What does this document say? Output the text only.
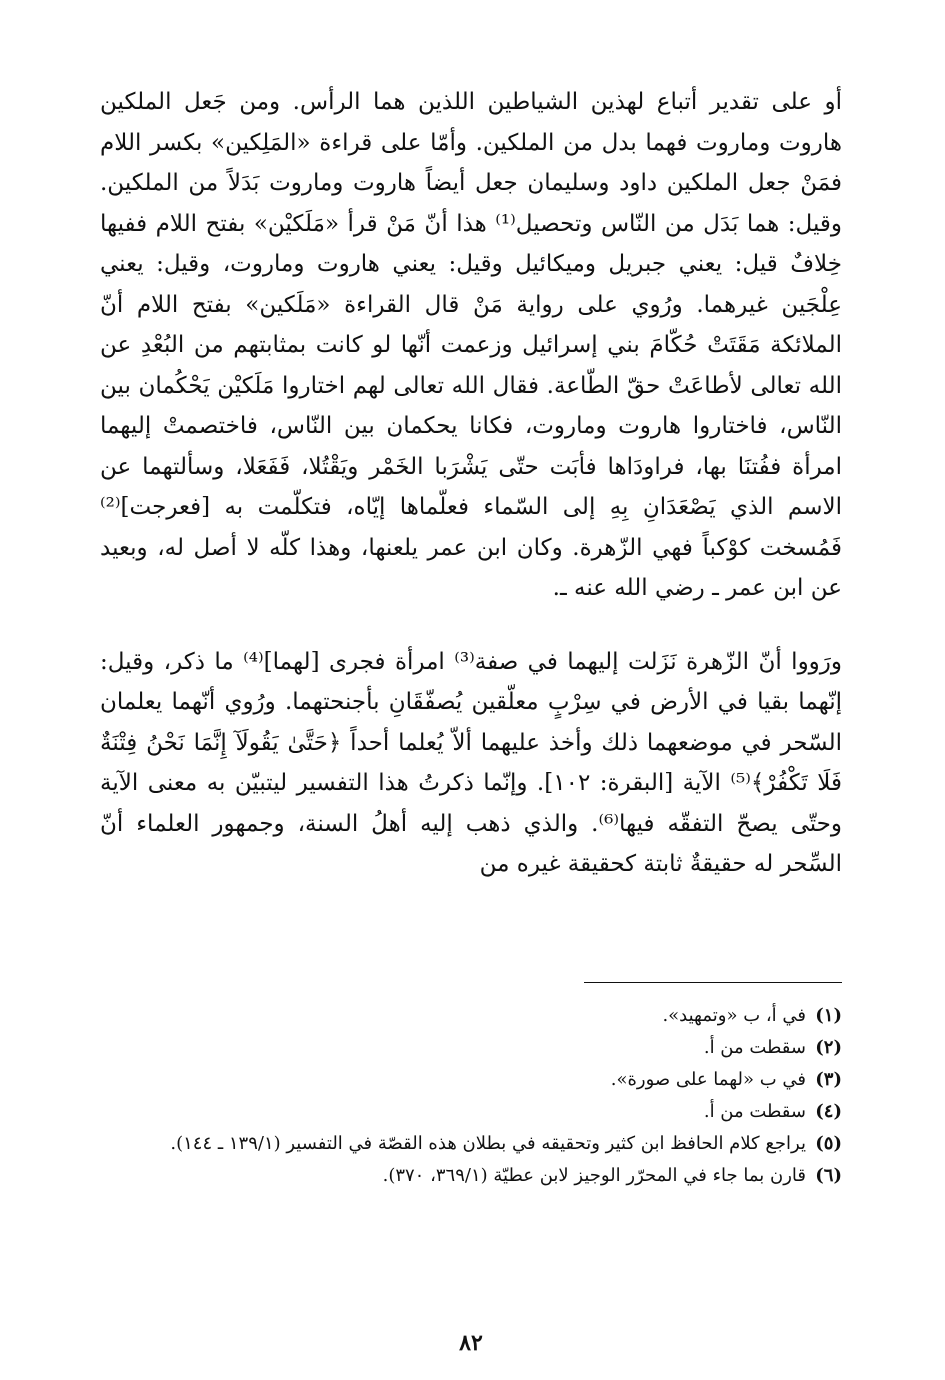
أو على تقدير أتباع لهذين الشياطين اللذين هما الرأس. ومن جَعل الملكين هاروت وماروت فهما بدل من الملكين. وأمّا على قراءة «المَلِكين» بكسر اللام فمَنْ جعل الملكين داود وسليمان جعل أيضاً هاروت وماروت بَدَلاً من الملكين. وقيل: هما بَدَل من النّاس وتحصيل⁽¹⁾ هذا أنّ مَنْ قرأ «مَلَكيْن» بفتح اللام ففيها خِلافٌ قيل: يعني جبريل وميكائيل وقيل: يعني هاروت وماروت، وقيل: يعني عِلْجَين غيرهما. ورُوي على رواية مَنْ قال القراءة «مَلَكين» بفتح اللام أنّ الملائكة مَقَتَتْ حُكّامَ بني إسرائيل وزعمت أنّها لو كانت بمثابتهم من البُعْدِ عن الله تعالى لأطاعَتْ حقّ الطّاعة. فقال الله تعالى لهم اختاروا مَلَكيْن يَحْكُمان بين النّاس، فاختاروا هاروت وماروت، فكانا يحكمان بين النّاس، فاختصمتْ إليهما امرأة ففُتنَا بها، فراودَاها فأبَت حتّى يَشْرَبا الخَمْر ويَقْتُلا، فَفَعَلا، وسألتهما عن الاسم الذي يَصْعَدَانِ بِهِ إلى السّماء فعلّماها إيّاه، فتكلّمت به [فعرجت]⁽²⁾ فَمُسخت كوْكباً فهي الزّهرة. وكان ابن عمر يلعنها، وهذا كلّه لا أصل له، وبعيد عن ابن عمر ـ رضي الله عنه ـ.

ورَووا أنّ الزّهرة نَزَلت إليهما في صفة⁽³⁾ امرأة فجرى [لهما]⁽⁴⁾ ما ذكر، وقيل: إنّهما بقيا في الأرض في سِرْبٍ معلّقين يُصفّقَانِ بأجنحتهما. ورُوي أنّهما يعلمان السّحر في موضعهما ذلك وأخذ عليهما ألاّ يُعلما أحداً ﴿حَتَّىٰ يَقُولَآ إِنَّمَا نَحْنُ فِتْنَةٌ فَلَا تَكْفُرْ﴾⁽⁵⁾ الآية [البقرة: ١٠٢]. وإنّما ذكرتُ هذا التفسير ليتبيّن به معنى الآية وحتّى يصحّ التفقّه فيها⁽⁶⁾. والذي ذهب إليه أهلُ السنة، وجمهور العلماء أنّ السِّحر له حقيقةٌ ثابتة كحقيقة غيره من

(١)
في أ، ب «وتمهيد».
(٢)
سقطت من أ.
(٣)
في ب «لهما على صورة».
(٤)
سقطت من أ.
(٥)
يراجع كلام الحافظ ابن كثير وتحقيقه في بطلان هذه القصّة في التفسير (١٣٩/١ ـ ١٤٤).
(٦)
قارن بما جاء في المحرّر الوجيز لابن عطيّة (٣٦٩/١، ٣٧٠).
٨٢
